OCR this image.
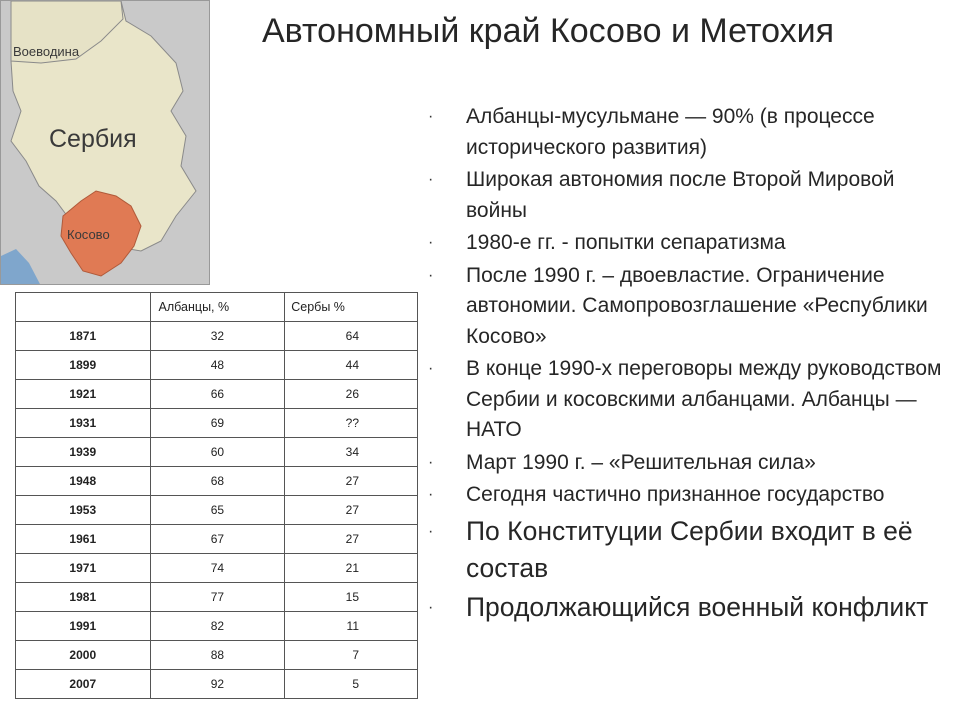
Автономный край Косово и Метохия
Воеводина
Сербия
Косово
	Албанцы, %	Сербы %
1871	32	64
1899	48	44
1921	66	26
1931	69	??
1939	60	34
1948	68	27
1953	65	27
1961	67	27
1971	74	21
1981	77	15
1991	82	11
2000	88	7
2007	92	5
· Албанцы-мусульмане — 90% (в процессе исторического развития)
· Широкая автономия после Второй Мировой войны
· 1980-е гг. - попытки сепаратизма
· После 1990 г. – двоевластие. Ограничение автономии. Самопровозглашение «Республики Косово»
· В конце 1990-х переговоры между руководством Сербии и косовскими албанцами. Албанцы — НАТО
· Март 1990 г. – «Решительная сила»
· Сегодня частично признанное государство
· По Конституции Сербии входит в её состав
· Продолжающийся военный конфликт
